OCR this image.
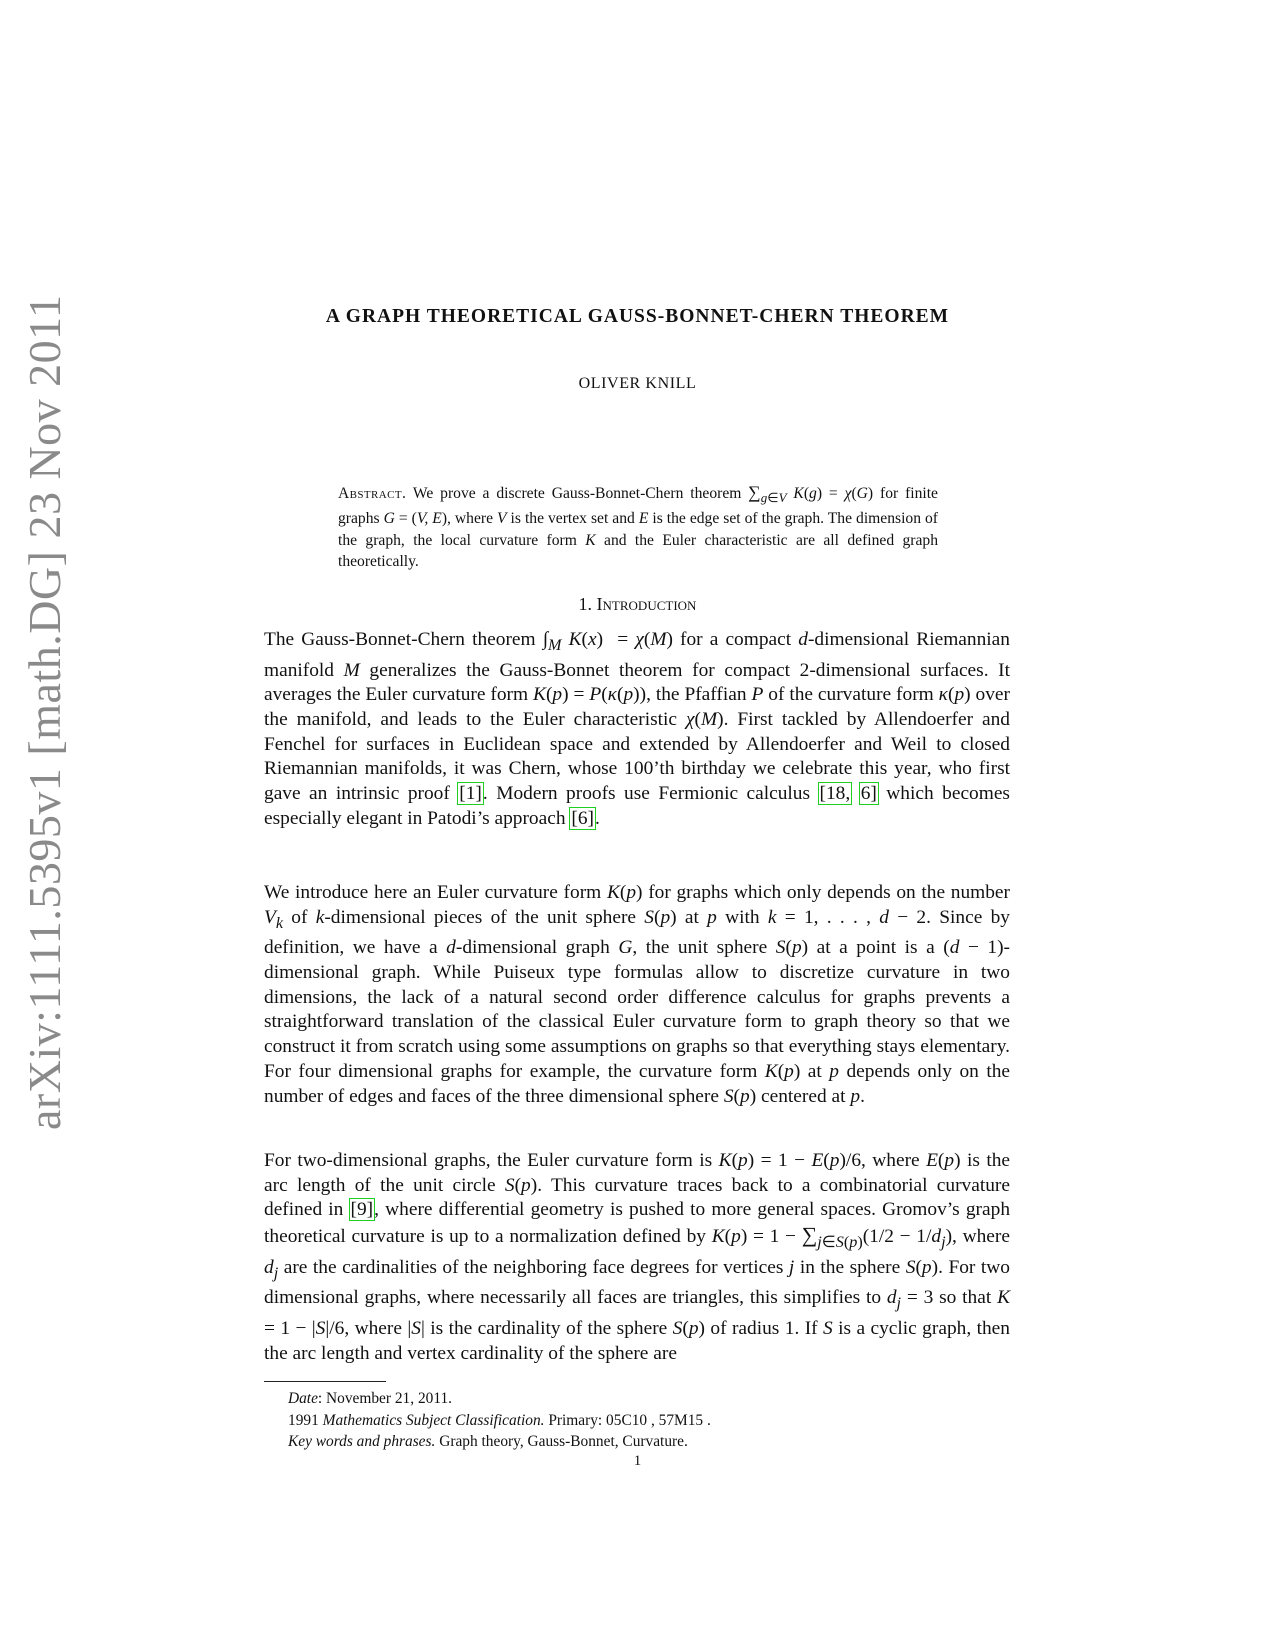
arXiv:1111.5395v1 [math.DG] 23 Nov 2011	A GRAPH THEORETICAL GAUSS-BONNET-CHERN THEOREM
OLIVER KNILL
Abstract. We prove a discrete Gauss-Bonnet-Chern theorem $\sum_{g\in V}$ K(g) = χ(G) for finite graphs G = (V, E), where V is the vertex set and E is the edge set of the graph. The dimension of the graph, the local curvature form K and the Euler characteristic are all defined graph theoretically.
1. Introduction
The Gauss-Bonnet-Chern theorem $\int_M$ K(x)  = χ(M) for a compact d-dimensional Riemannian manifold M generalizes the Gauss-Bonnet theorem for compact 2-dimensional surfaces. It averages the Euler curvature form K(p) = P(κ(p)), the Pfaffian P of the curvature form κ(p) over the manifold, and leads to the Euler characteristic χ(M). First tackled by Allendoerfer and Fenchel for surfaces in Euclidean space and extended by Allendoerfer and Weil to closed Riemannian manifolds, it was Chern, whose 100’th birthday we celebrate this year, who first gave an intrinsic proof [1]. Modern proofs use Fermionic calculus [18, 6] which becomes especially elegant in Patodi’s approach [6].
We introduce here an Euler curvature form K(p) for graphs which only depends on the number $V_k$ of k-dimensional pieces of the unit sphere S(p) at p with k = 1, . . . , d − 2. Since by definition, we have a d-dimensional graph G, the unit sphere S(p) at a point is a (d − 1)-dimensional graph. While Puiseux type formulas allow to discretize curvature in two dimensions, the lack of a natural second order difference calculus for graphs prevents a straightforward translation of the classical Euler curvature form to graph theory so that we construct it from scratch using some assumptions on graphs so that everything stays elementary. For four dimensional graphs for example, the curvature form K(p) at p depends only on the number of edges and faces of the three dimensional sphere S(p) centered at p.
For two-dimensional graphs, the Euler curvature form is K(p) = 1 − E(p)/6, where E(p) is the arc length of the unit circle S(p). This curvature traces back to a combinatorial curvature defined in [9], where differential geometry is pushed to more general spaces. Gromov’s graph theoretical curvature is up to a normalization defined by $K(p) = 1 - \sum_{j\in S(p)}(1/2 - 1/d_j)$, where $d_j$ are the cardinalities of the neighboring face degrees for vertices j in the sphere S(p). For two dimensional graphs, where necessarily all faces are triangles, this simplifies to $d_j = 3$ so that K = 1 − |S|/6, where |S| is the cardinality of the sphere S(p) of radius 1. If S is a cyclic graph, then the arc length and vertex cardinality of the sphere are
Date: November 21, 2011.
1991 Mathematics Subject Classification. Primary: 05C10 , 57M15 .
Key words and phrases. Graph theory, Gauss-Bonnet, Curvature.
1
